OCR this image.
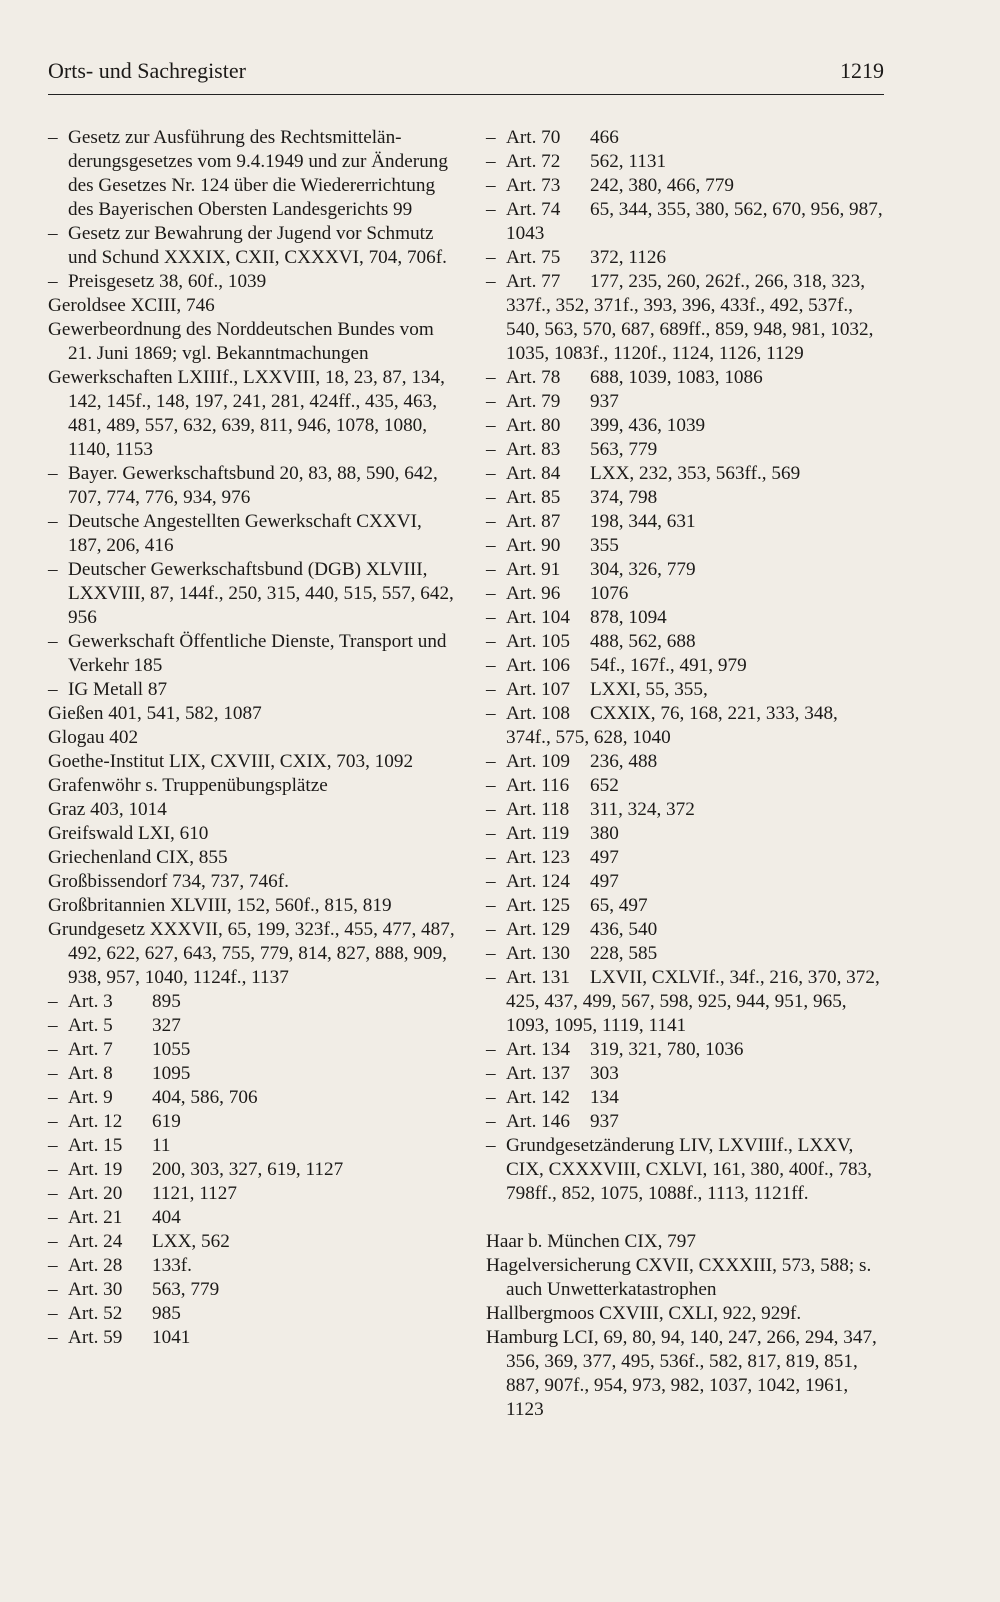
Orts- und Sachregister	1219
– Gesetz zur Ausführung des Rechtsmitteländerungsgesetzes vom 9.4.1949 und zur Änderung des Gesetzes Nr. 124 über die Wiedererrichtung des Bayerischen Obersten Landesgerichts 99
– Gesetz zur Bewahrung der Jugend vor Schmutz und Schund XXXIX, CXII, CXXXVI, 704, 706f.
– Preisgesetz 38, 60f., 1039
Geroldsee XCIII, 746
Gewerbeordnung des Norddeutschen Bundes vom 21. Juni 1869; vgl. Bekanntmachungen
Gewerkschaften LXIIIf., LXXVIII, 18, 23, 87, 134, 142, 145f., 148, 197, 241, 281, 424ff., 435, 463, 481, 489, 557, 632, 639, 811, 946, 1078, 1080, 1140, 1153
– Bayer. Gewerkschaftsbund 20, 83, 88, 590, 642, 707, 774, 776, 934, 976
– Deutsche Angestellten Gewerkschaft CXXVI, 187, 206, 416
– Deutscher Gewerkschaftsbund (DGB) XLVIII, LXXVIII, 87, 144f., 250, 315, 440, 515, 557, 642, 956
– Gewerkschaft Öffentliche Dienste, Transport und Verkehr 185
– IG Metall 87
Gießen 401, 541, 582, 1087
Glogau 402
Goethe-Institut LIX, CXVIII, CXIX, 703, 1092
Grafenwöhr s. Truppenübungsplätze
Graz 403, 1014
Greifswald LXI, 610
Griechenland CIX, 855
Großbissendorf 734, 737, 746f.
Großbritannien XLVIII, 152, 560f., 815, 819
Grundgesetz XXXVII, 65, 199, 323f., 455, 477, 487, 492, 622, 627, 643, 755, 779, 814, 827, 888, 909, 938, 957, 1040, 1124f., 1137
– Art. 3 895
– Art. 5 327
– Art. 7 1055
– Art. 8 1095
– Art. 9 404, 586, 706
– Art. 12 619
– Art. 15 11
– Art. 19 200, 303, 327, 619, 1127
– Art. 20 1121, 1127
– Art. 21 404
– Art. 24 LXX, 562
– Art. 28 133f.
– Art. 30 563, 779
– Art. 52 985
– Art. 59 1041
– Art. 70 466
– Art. 72 562, 1131
– Art. 73 242, 380, 466, 779
– Art. 74 65, 344, 355, 380, 562, 670, 956, 987, 1043
– Art. 75 372, 1126
– Art. 77 177, 235, 260, 262f., 266, 318, 323, 337f., 352, 371f., 393, 396, 433f., 492, 537f., 540, 563, 570, 687, 689ff., 859, 948, 981, 1032, 1035, 1083f., 1120f., 1124, 1126, 1129
– Art. 78 688, 1039, 1083, 1086
– Art. 79 937
– Art. 80 399, 436, 1039
– Art. 83 563, 779
– Art. 84 LXX, 232, 353, 563ff., 569
– Art. 85 374, 798
– Art. 87 198, 344, 631
– Art. 90 355
– Art. 91 304, 326, 779
– Art. 96 1076
– Art. 104 878, 1094
– Art. 105 488, 562, 688
– Art. 106 54f., 167f., 491, 979
– Art. 107 LXXI, 55, 355,
– Art. 108 CXXIX, 76, 168, 221, 333, 348, 374f., 575, 628, 1040
– Art. 109 236, 488
– Art. 116 652
– Art. 118 311, 324, 372
– Art. 119 380
– Art. 123 497
– Art. 124 497
– Art. 125 65, 497
– Art. 129 436, 540
– Art. 130 228, 585
– Art. 131 LXVII, CXLVIf., 34f., 216, 370, 372, 425, 437, 499, 567, 598, 925, 944, 951, 965, 1093, 1095, 1119, 1141
– Art. 134 319, 321, 780, 1036
– Art. 137 303
– Art. 142 134
– Art. 146 937
– Grundgesetzänderung LIV, LXVIIIf., LXXV, CIX, CXXXVIII, CXLVI, 161, 380, 400f., 783, 798ff., 852, 1075, 1088f., 1113, 1121ff.
Haar b. München CIX, 797
Hagelversicherung CXVII, CXXXIII, 573, 588; s. auch Unwetterkatastrophen
Hallbergmoos CXVIII, CXLI, 922, 929f.
Hamburg LCI, 69, 80, 94, 140, 247, 266, 294, 347, 356, 369, 377, 495, 536f., 582, 817, 819, 851, 887, 907f., 954, 973, 982, 1037, 1042, 1961, 1123
